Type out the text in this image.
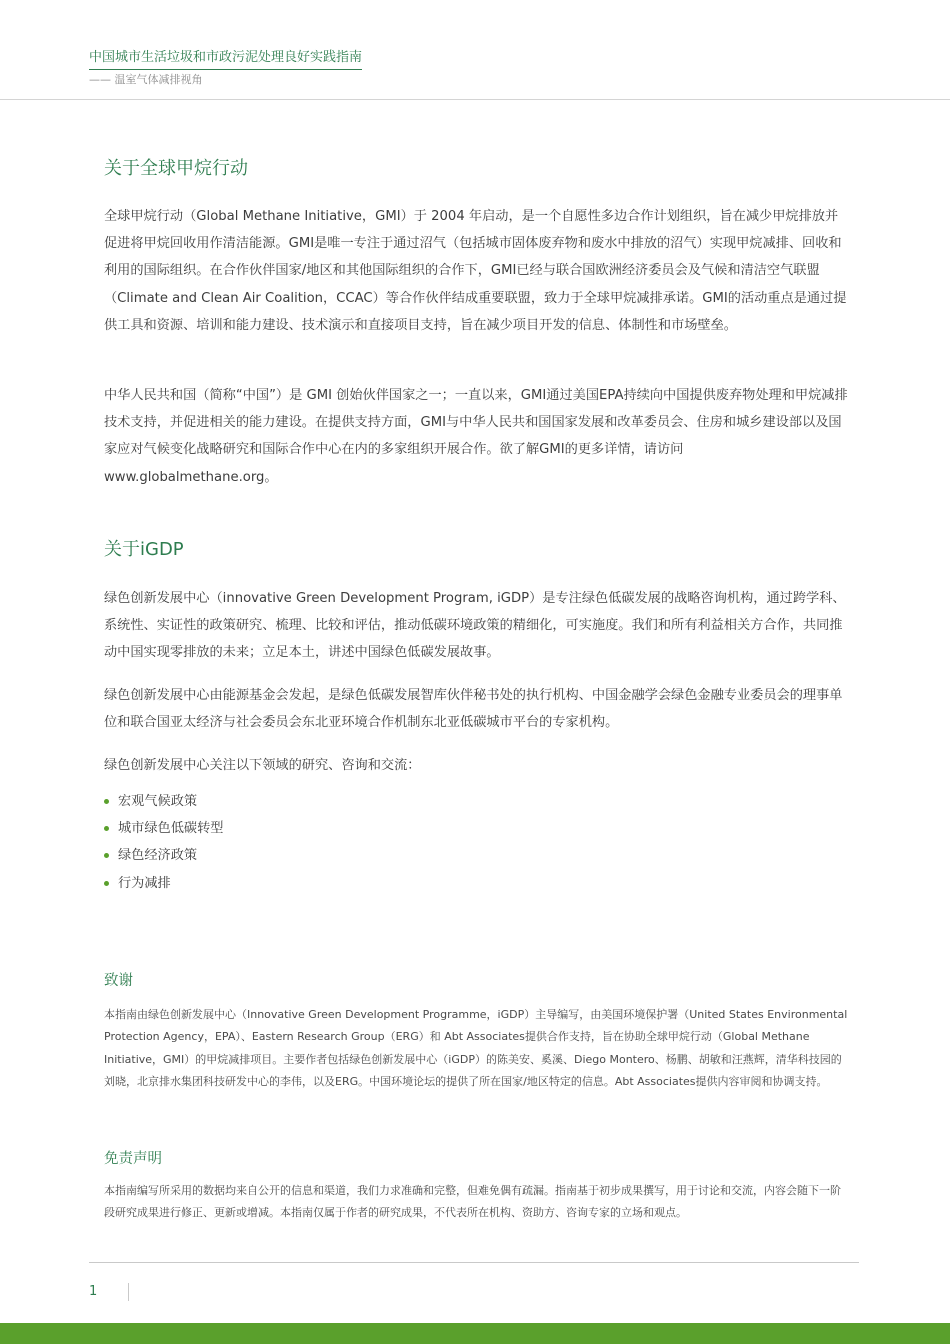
中国城市生活垃圾和市政污泥处理良好实践指南
—— 温室气体减排视角
关于全球甲烷行动

全球甲烷行动（Global Methane Initiative，GMI）于 2004 年启动，是一个自愿性多边合作计划组织，旨在减少甲烷排放并促进将甲烷回收用作清洁能源。GMI是唯一专注于通过沼气（包括城市固体废弃物和废水中排放的沼气）实现甲烷减排、回收和利用的国际组织。在合作伙伴国家/地区和其他国际组织的合作下，GMI已经与联合国欧洲经济委员会及气候和清洁空气联盟（Climate and Clean Air Coalition，CCAC）等合作伙伴结成重要联盟，致力于全球甲烷减排承诺。GMI的活动重点是通过提供工具和资源、培训和能力建设、技术演示和直接项目支持，旨在减少项目开发的信息、体制性和市场壁垒。

中华人民共和国（简称“中国”）是 GMI 创始伙伴国家之一；一直以来，GMI通过美国EPA持续向中国提供废弃物处理和甲烷减排技术支持，并促进相关的能力建设。在提供支持方面，GMI与中华人民共和国国家发展和改革委员会、住房和城乡建设部以及国家应对气候变化战略研究和国际合作中心在内的多家组织开展合作。欲了解GMI的更多详情，请访问 www.globalmethane.org。

关于iGDP

绿色创新发展中心（innovative Green Development Program, iGDP）是专注绿色低碳发展的战略咨询机构，通过跨学科、系统性、实证性的政策研究、梳理、比较和评估，推动低碳环境政策的精细化，可实施度。我们和所有利益相关方合作，共同推动中国实现零排放的未来；立足本土，讲述中国绿色低碳发展故事。

绿色创新发展中心由能源基金会发起，是绿色低碳发展智库伙伴秘书处的执行机构、中国金融学会绿色金融专业委员会的理事单位和联合国亚太经济与社会委员会东北亚环境合作机制东北亚低碳城市平台的专家机构。

绿色创新发展中心关注以下领域的研究、咨询和交流：

宏观气候政策
城市绿色低碳转型
绿色经济政策
行为减排
致谢

本指南由绿色创新发展中心（Innovative Green Development Programme，iGDP）主导编写，由美国环境保护署（United States Environmental Protection Agency，EPA）、Eastern Research Group（ERG）和 Abt Associates提供合作支持，旨在协助全球甲烷行动（Global Methane Initiative，GMI）的甲烷减排项目。主要作者包括绿色创新发展中心（iGDP）的陈美安、奚溪、Diego Montero、杨鹏、胡敏和汪燕辉，清华科技园的刘晓，北京排水集团科技研发中心的李伟，以及ERG。中国环境论坛的提供了所在国家/地区特定的信息。Abt Associates提供内容审阅和协调支持。

免责声明

本指南编写所采用的数据均来自公开的信息和渠道，我们力求准确和完整，但难免偶有疏漏。指南基于初步成果撰写，用于讨论和交流，内容会随下一阶段研究成果进行修正、更新或增减。本指南仅属于作者的研究成果，不代表所在机构、资助方、咨询专家的立场和观点。

1
